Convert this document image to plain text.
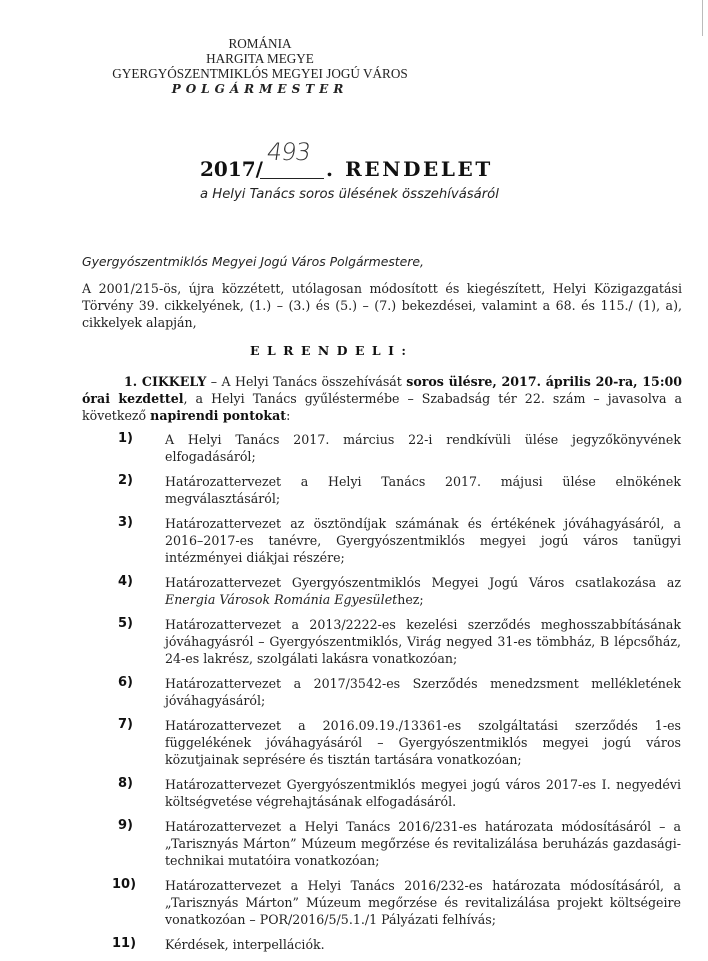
ROMÁNIA
HARGITA MEGYE
GYERGYÓSZENTMIKLÓS MEGYEI JOGÚ VÁROS
POLGÁRMESTER
2017/
493
. RENDELET
a Helyi Tanács soros ülésének összehívásáról
Gyergyószentmiklós Megyei Jogú Város Polgármestere,
A 2001/215-ös, újra közzétett, utólagosan módosított és kiegészített, Helyi Közigazgatási Törvény 39. cikkelyének, (1.) – (3.) és (5.) – (7.) bekezdései, valamint a 68. és 115./ (1), a), cikkelyek alapján,
ELRENDELI:
1. CIKKELY – A Helyi Tanács összehívását soros ülésre, 2017. április 20-ra, 15:00 órai kezdettel, a Helyi Tanács gyűléstermébe – Szabadság tér 22. szám – javasolva a következő napirendi pontokat:
1)	A Helyi Tanács 2017. március 22-i rendkívüli ülése jegyzőkönyvének elfogadásáról;
2)	Határozattervezet a Helyi Tanács 2017. májusi ülése elnökének megválasztásáról;
3)	Határozattervezet az ösztöndíjak számának és értékének jóváhagyásáról, a 2016–2017-es tanévre, Gyergyószentmiklós megyei jogú város tanügyi intézményei diákjai részére;
4)	Határozattervezet Gyergyószentmiklós Megyei Jogú Város csatlakozása az Energia Városok Románia Egyesülethez;
5)	Határozattervezet a 2013/2222-es kezelési szerződés meghosszabbításának jóváhagyásról – Gyergyószentmiklós, Virág negyed 31-es tömbház, B lépcsőház, 24-es lakrész, szolgálati lakásra vonatkozóan;
6)	Határozattervezet a 2017/3542-es Szerződés menedzsment mellékletének jóváhagyásáról;
7)	Határozattervezet a 2016.09.19./13361-es szolgáltatási szerződés 1-es függelékének jóváhagyásáról – Gyergyószentmiklós megyei jogú város közutjainak seprésére és tisztán tartására vonatkozóan;
8)	Határozattervezet Gyergyószentmiklós megyei jogú város 2017-es I. negyedévi költségvetése végrehajtásának elfogadásáról.
9)	Határozattervezet a Helyi Tanács 2016/231-es határozata módosításáról – a „Tarisznyás Márton” Múzeum megőrzése és revitalizálása beruházás gazdasági-technikai mutatóira vonatkozóan;
10)	Határozattervezet a Helyi Tanács 2016/232-es határozata módosításáról, a „Tarisznyás Márton” Múzeum megőrzése és revitalizálása projekt költségeire vonatkozóan – POR/2016/5/5.1./1 Pályázati felhívás;
11)	Kérdések, interpellációk.
